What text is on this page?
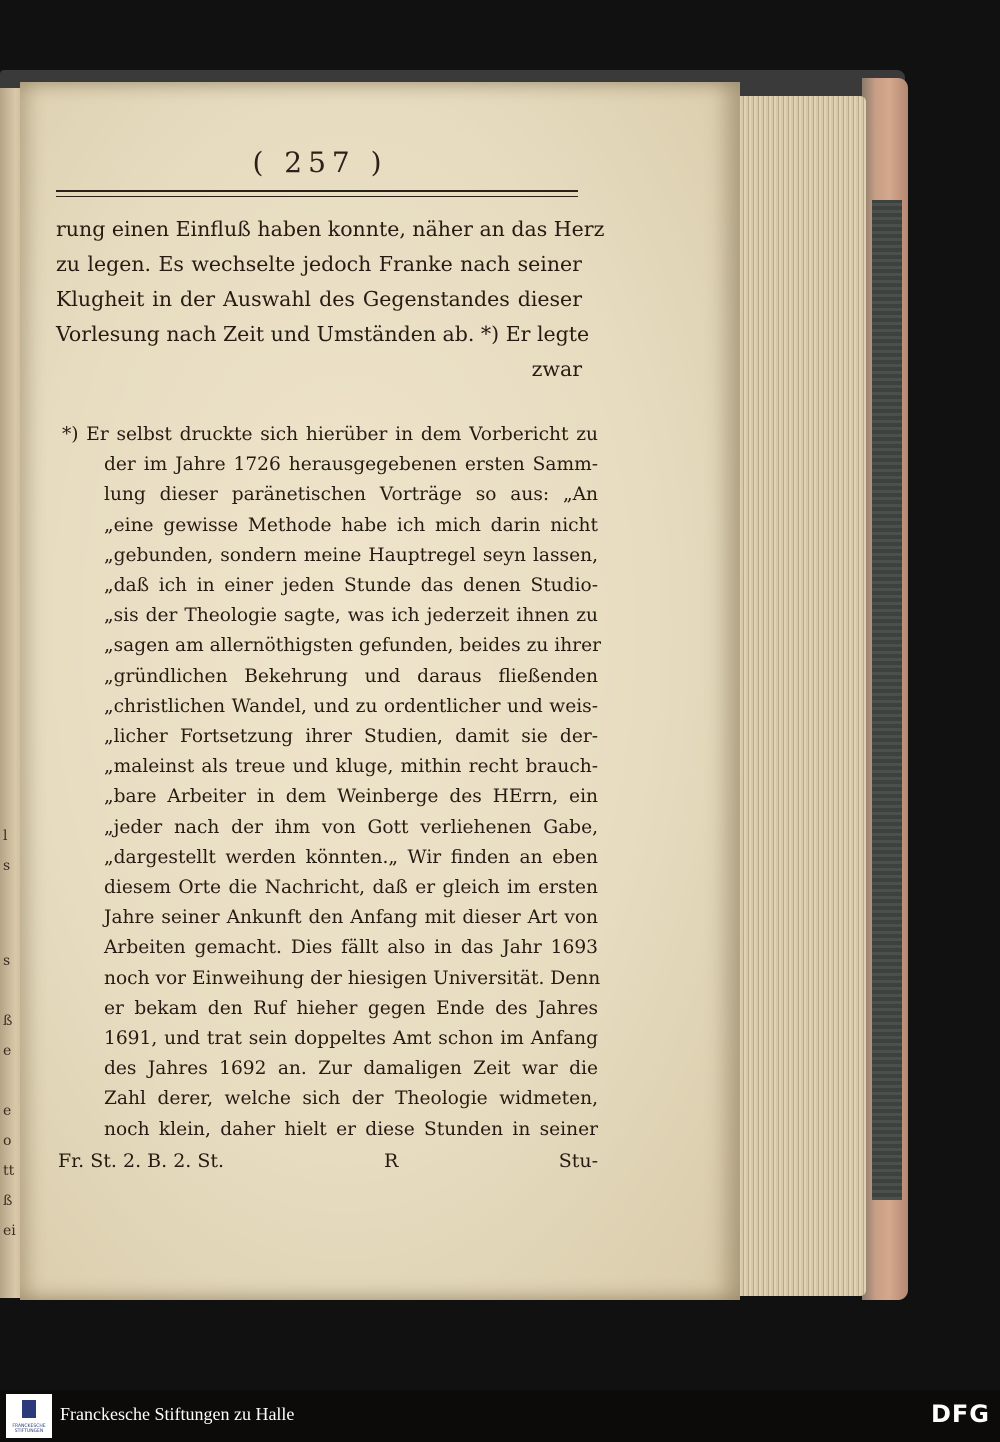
l
s
s
ß
e
e
o
tt
ß
ei
( 257 )
rung einen Einfluß haben konnte, näher an das Herz
zu legen. Es wechselte jedoch Franke nach seiner
Klugheit in der Auswahl des Gegenstandes dieser
Vorlesung nach Zeit und Umständen ab. *) Er legte
zwar
*) Er selbst druckte sich hierüber in dem Vorbericht zu
der im Jahre 1726 herausgegebenen ersten Samm-
lung dieser paränetischen Vorträge so aus: „An
„eine gewisse Methode habe ich mich darin nicht
„gebunden, sondern meine Hauptregel seyn lassen,
„daß ich in einer jeden Stunde das denen Studio-
„sis der Theologie sagte, was ich jederzeit ihnen zu
„sagen am allernöthigsten gefunden, beides zu ihrer
„gründlichen Bekehrung und daraus fließenden
„christlichen Wandel, und zu ordentlicher und weis-
„licher Fortsetzung ihrer Studien, damit sie der-
„maleinst als treue und kluge, mithin recht brauch-
„bare Arbeiter in dem Weinberge des HErrn, ein
„jeder nach der ihm von Gott verliehenen Gabe,
„dargestellt werden könnten.„ Wir finden an eben
diesem Orte die Nachricht, daß er gleich im ersten
Jahre seiner Ankunft den Anfang mit dieser Art von
Arbeiten gemacht. Dies fällt also in das Jahr 1693
noch vor Einweihung der hiesigen Universität. Denn
er bekam den Ruf hieher gegen Ende des Jahres
1691, und trat sein doppeltes Amt schon im Anfang
des Jahres 1692 an. Zur damaligen Zeit war die
Zahl derer, welche sich der Theologie widmeten,
noch klein, daher hielt er diese Stunden in seiner
Fr. St. 2. B. 2. St.	R	Stu-
FRANCKESCHE STIFTUNGEN
Franckesche Stiftungen zu Halle	DFG
